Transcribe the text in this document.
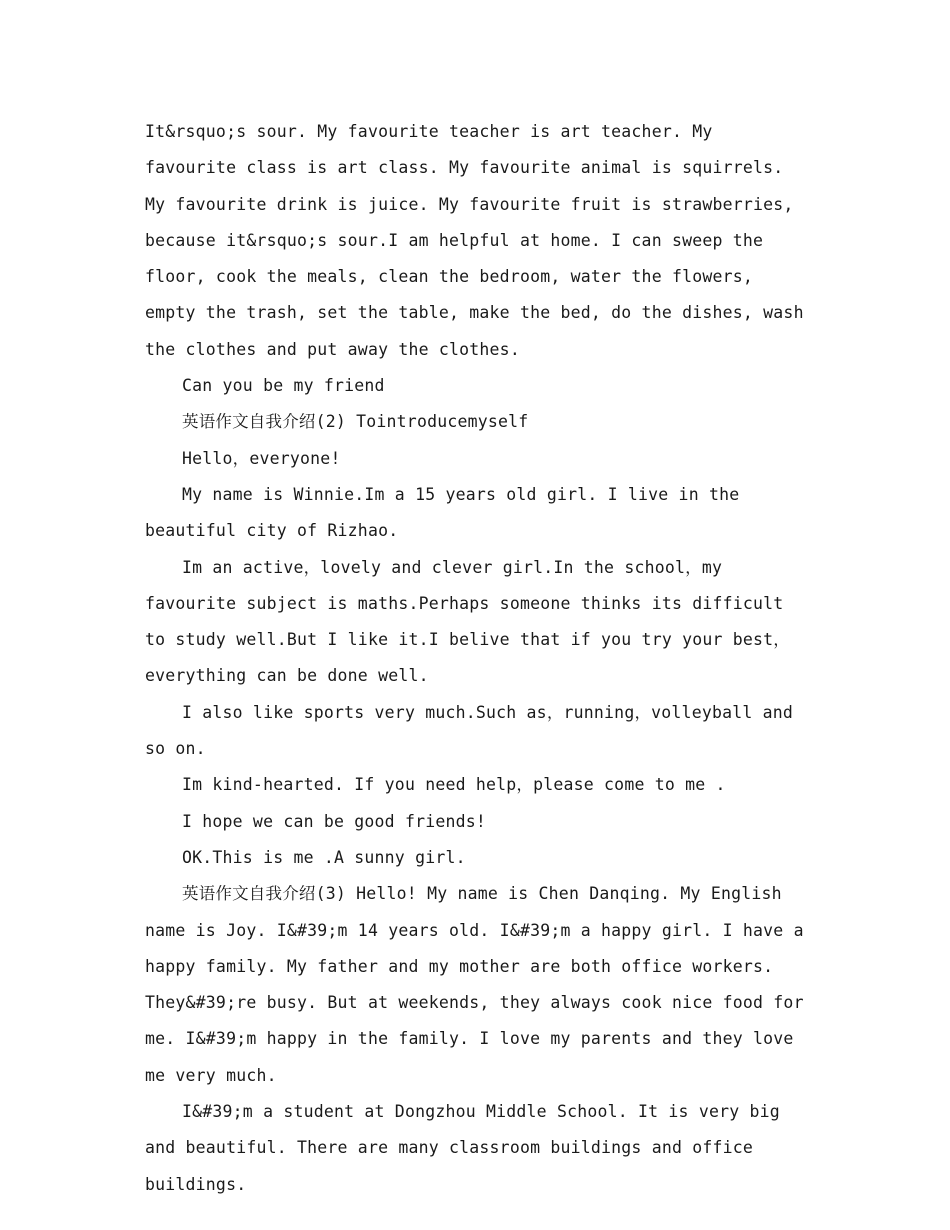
It&rsquo;s sour. My favourite teacher is art teacher. My favourite class is art class. My favourite animal is squirrels. My favourite drink is juice. My favourite fruit is strawberries, because it&rsquo;s sour.I am helpful at home. I can sweep the floor, cook the meals, clean the bedroom, water the flowers, empty the trash, set the table, make the bed, do the dishes, wash the clothes and put away the clothes.

Can you be my friend

英语作文自我介绍(2) Tointroducemyself

Hello，everyone!

My name is Winnie.Im a 15 years old girl. I live in the beautiful city of Rizhao.

Im an active，lovely and clever girl.In the school，my favourite subject is maths.Perhaps someone thinks its difficult to study well.But I like it.I belive that if you try your best，everything can be done well.

I also like sports very much.Such as，running，volleyball and so on.

Im kind-hearted. If you need help，please come to me .

I hope we can be good friends!

OK.This is me .A sunny girl.

英语作文自我介绍(3) Hello! My name is Chen Danqing. My English name is Joy. I&#39;m 14 years old. I&#39;m a happy girl. I have a happy family. My father and my mother are both office workers. They&#39;re busy. But at weekends, they always cook nice food for me. I&#39;m happy in the family. I love my parents and they love me very much.

I&#39;m a student at Dongzhou Middle School. It is very big and beautiful. There are many classroom buildings and office buildings.
